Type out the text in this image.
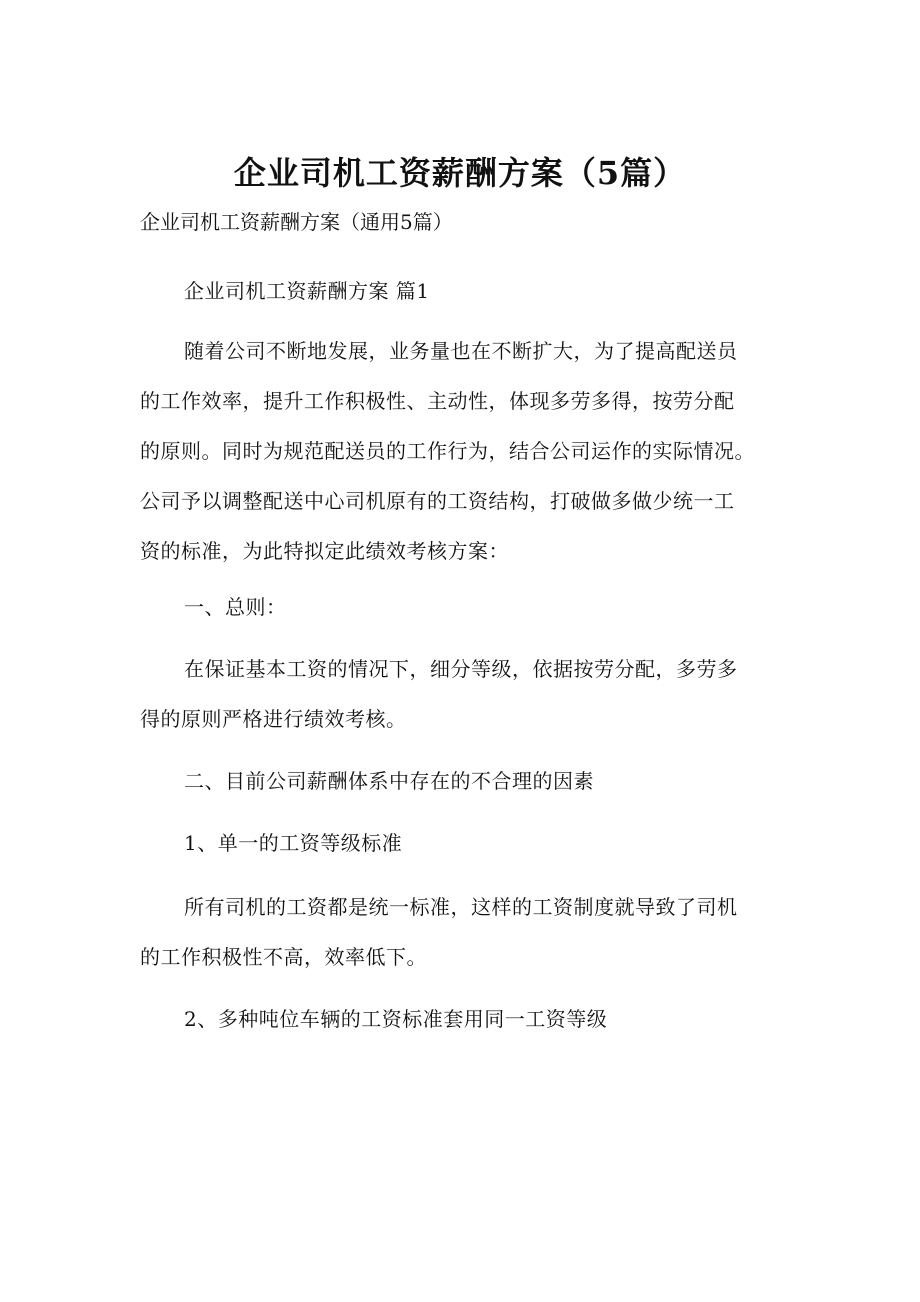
企业司机工资薪酬方案（5篇）

企业司机工资薪酬方案（通用5篇）

企业司机工资薪酬方案 篇1

随着公司不断地发展，业务量也在不断扩大，为了提高配送员
的工作效率，提升工作积极性、主动性，体现多劳多得，按劳分配
的原则。同时为规范配送员的工作行为，结合公司运作的实际情况。
公司予以调整配送中心司机原有的工资结构，打破做多做少统一工
资的标准，为此特拟定此绩效考核方案：

一、总则：

在保证基本工资的情况下，细分等级，依据按劳分配，多劳多
得的原则严格进行绩效考核。

二、目前公司薪酬体系中存在的不合理的因素

1、单一的工资等级标准

所有司机的工资都是统一标准，这样的工资制度就导致了司机
的工作积极性不高，效率低下。

2、多种吨位车辆的工资标准套用同一工资等级
